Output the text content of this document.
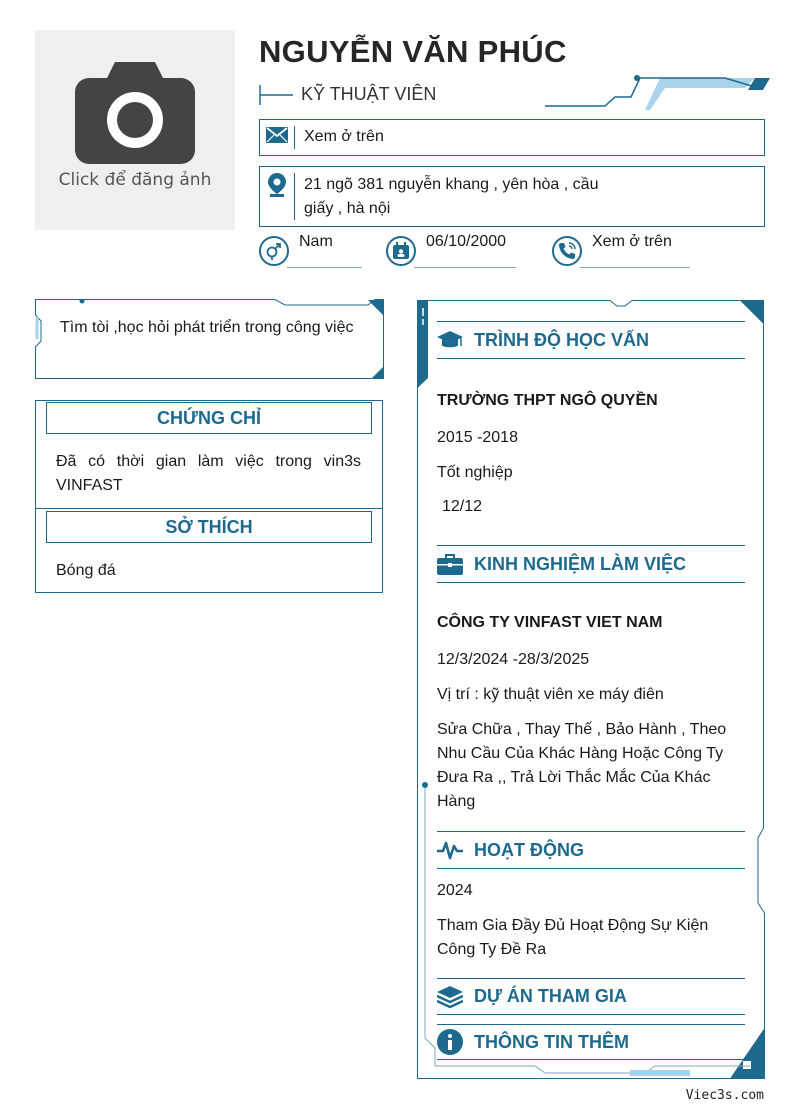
Click để đăng ảnh
NGUYỄN VĂN PHÚC
KỸ THUẬT VIÊN
Xem ở trên
21 ngõ 381 nguyễn khang , yên hòa , cầu giấy , hà nội
Nam	06/10/2000	Xem ở trên
Tìm tòi ,học hỏi phát triển trong công việc
CHỨNG CHỈ
Đã có thời gian làm việc trong vin3s VINFAST
SỞ THÍCH
Bóng đá
TRÌNH ĐỘ HỌC VẤN
TRƯỜNG THPT NGÔ QUYỀN
2015 -2018
Tốt nghiệp
12/12
KINH NGHIỆM LÀM VIỆC
CÔNG TY VINFAST VIET NAM
12/3/2024 -28/3/2025
Vị trí : kỹ thuật viên xe máy điên
Sửa Chữa , Thay Thế , Bảo Hành , Theo Nhu Cầu Của Khác Hàng Hoặc Công Ty Đưa Ra ,, Trả Lời Thắc Mắc Của Khác Hàng
HOẠT ĐỘNG
2024
Tham Gia Đầy Đủ Hoạt Động Sự Kiện Công Ty Đề Ra
DỰ ÁN THAM GIA
THÔNG TIN THÊM
Viec3s.com
